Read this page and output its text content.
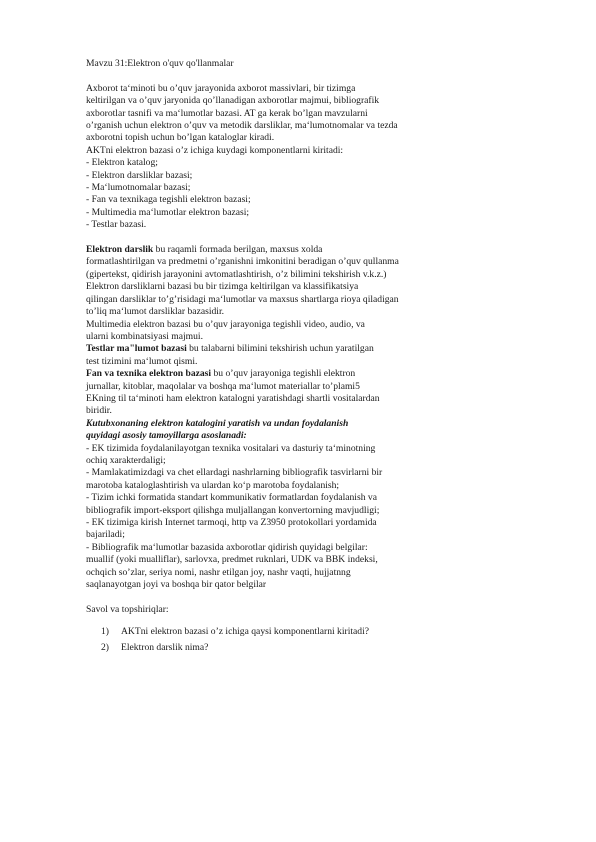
Mavzu 31:Elektron o'quv qo'llanmalar
Axborot ta‘minoti bu o’quv jarayonida axborot massivlari, bir tizimga
keltirilgan va o’quv jaryonida qo’llanadigan axborotlar majmui, bibliografik
axborotlar tasnifi va ma‘lumotlar bazasi. AT ga kerak bo’lgan mavzularni
o’rganish uchun elektron o’quv va metodik darsliklar, ma‘lumotnomalar va tezda
axborotni topish uchun bo’lgan kataloglar kiradi.
AKTni elektron bazasi o’z ichiga kuydagi komponentlarni kiritadi:
- Elektron katalog;
- Elektron darsliklar bazasi;
- Ma‘lumotnomalar bazasi;
- Fan va texnikaga tegishli elektron bazasi;
- Multimedia ma‘lumotlar elektron bazasi;
- Testlar bazasi.
Elektron darslik bu raqamli formada berilgan, maxsus xolda
formatlashtirilgan va predmetni o’rganishni imkonitini beradigan o’quv qullanma
(gipertekst, qidirish jarayonini avtomatlashtirish, o’z bilimini tekshirish v.k.z.)
Elektron darsliklarni bazasi bu bir tizimga keltirilgan va klassifikatsiya
qilingan darsliklar to’g’risidagi ma‘lumotlar va maxsus shartlarga rioya qiladigan
to’liq ma‘lumot darsliklar bazasidir.
Multimedia elektron bazasi bu o’quv jarayoniga tegishli video, audio, va
ularni kombinatsiyasi majmui.
Testlar ma"lumot bazasi bu talabarni bilimini tekshirish uchun yaratilgan
test tizimini ma‘lumot qismi.
Fan va texnika elektron bazasi bu o’quv jarayoniga tegishli elektron
jurnallar, kitoblar, maqolalar va boshqa ma‘lumot materiallar to’plami5
EKning til ta‘minoti ham elektron katalogni yaratishdagi shartli vositalardan
biridir.
Kutubxonaning elektron katalogini yaratish va undan foydalanish
quyidagi asosiy tamoyillarga asoslanadi:
- EK tizimida foydalanilayotgan texnika vositalari va dasturiy ta‘minotning
ochiq xarakterdaligi;
- Mamlakatimizdagi va chet ellardagi nashrlarning bibliografik tasvirlarni bir
marotoba kataloglashtirish va ulardan ko‘p marotoba foydalanish;
- Tizim ichki formatida standart kommunikativ formatlardan foydalanish va
bibliografik import-eksport qilishga muljallangan konvertorning mavjudligi;
- EK tizimiga kirish Internet tarmoqi, http va Z3950 protokollari yordamida
bajariladi;
- Bibliografik ma‘lumotlar bazasida axborotlar qidirish quyidagi belgilar:
muallif (yoki mualliflar), sarlovxa, predmet ruknlari, UDK va BBK indeksi,
ochqich so’zlar, seriya nomi, nashr etilgan joy, nashr vaqti, hujjatnng
saqlanayotgan joyi va boshqa bir qator belgilar
Savol va topshiriqlar:
1) AKTni elektron bazasi o’z ichiga qaysi komponentlarni kiritadi?
2) Elektron darslik nima?
